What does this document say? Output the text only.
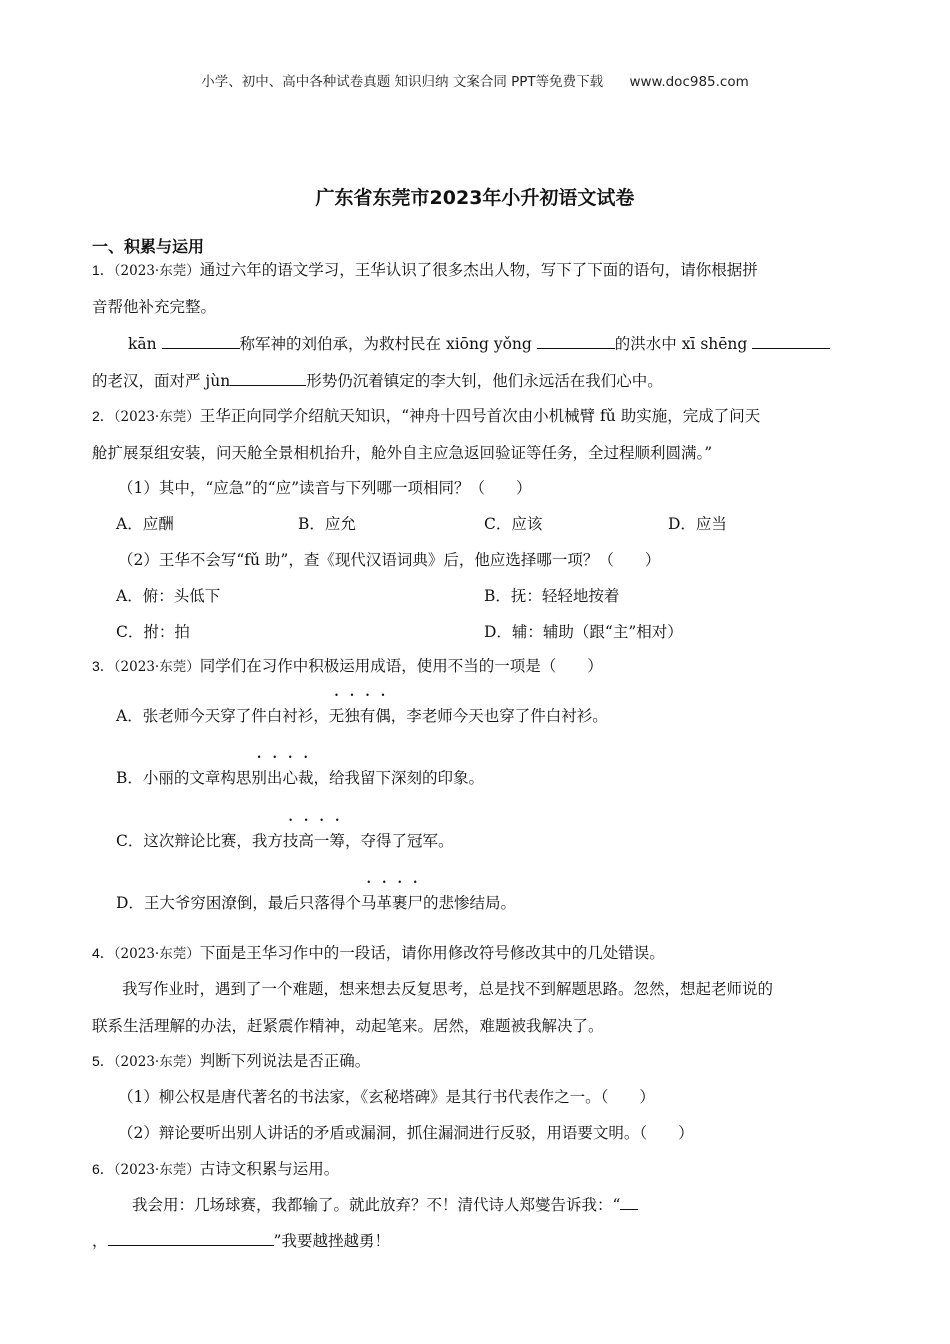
小学、初中、高中各种试卷真题 知识归纳 文案合同 PPT等免费下载 www.doc985.com
广东省东莞市2023年小升初语文试卷
一、积累与运用
1．（2023·东莞）通过六年的语文学习，王华认识了很多杰出人物，写下了下面的语句，请你根据拼
音帮他补充完整。
kān	称军神的刘伯承，为救村民在 xiōng yǒng	的洪水中 xī shēng
的老汉，面对严 jùn	形势仍沉着镇定的李大钊，他们永远活在我们心中。
2．（2023·东莞）王华正向同学介绍航天知识，“神舟十四号首次由小机械臂 fǔ 助实施，完成了问天
舱扩展泵组安装，问天舱全景相机抬升，舱外自主应急返回验证等任务，全过程顺利圆满。”
（1）其中，“应急”的“应”读音与下列哪一项相同？（　　）
A．应酬	B．应允	C．应该	D．应当
（2）王华不会写“fǔ 助”，查《现代汉语词典》后，他应选择哪一项？（　　）
A．俯：头低下	B．抚：轻轻地按着
C．拊：拍	D．辅：辅助（跟“主”相对）
3．（2023·东莞）同学们在习作中积极运用成语，使用不当的一项是（　　）
A．张老师今天穿了件白衬衫，无独有偶，李老师今天也穿了件白衬衫。
B．小丽的文章构思别出心裁，给我留下深刻的印象。
C．这次辩论比赛，我方技高一筹，夺得了冠军。
D．王大爷穷困潦倒，最后只落得个马革裹尸的悲惨结局。
4．（2023·东莞）下面是王华习作中的一段话，请你用修改符号修改其中的几处错误。
我写作业时，遇到了一个难题，想来想去反复思考，总是找不到解题思路。忽然，想起老师说的
联系生活理解的办法，赶紧震作精神，动起笔来。居然，难题被我解决了。
5．（2023·东莞）判断下列说法是否正确。
（1）柳公权是唐代著名的书法家，《玄秘塔碑》是其行书代表作之一。（　　）
（2）辩论要听出别人讲话的矛盾或漏洞，抓住漏洞进行反驳，用语要文明。（　　）
6．（2023·东莞）古诗文积累与运用。
我会用：几场球赛，我都输了。就此放弃？不！清代诗人郑燮告诉我：“
，	”我要越挫越勇！
